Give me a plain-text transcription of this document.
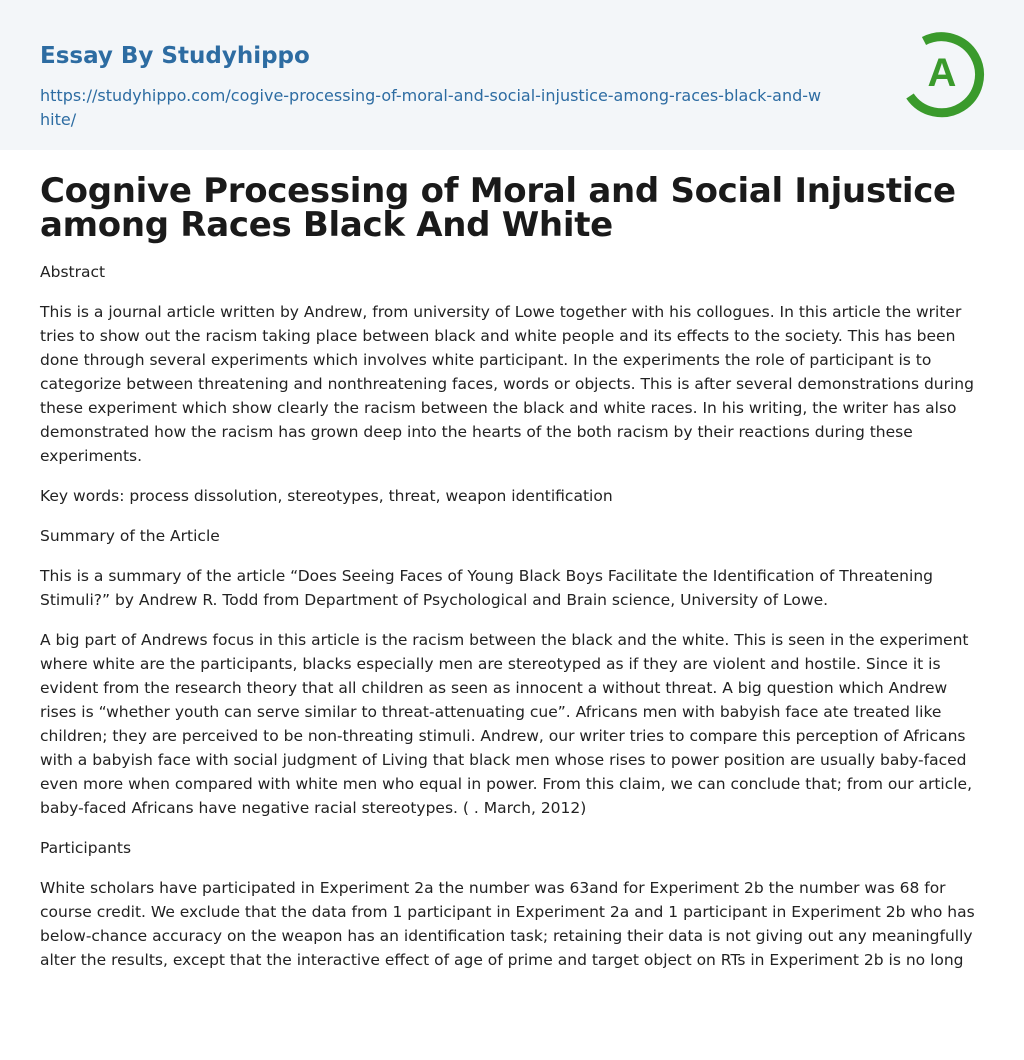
Essay By Studyhippo
https://studyhippo.com/cogive-processing-of-moral-and-social-injustice-among-races-black-and-white/
A
Cognive Processing of Moral and Social Injustice among Races Black And White
Abstract

This is a journal article written by Andrew, from university of Lowe together with his collogues. In this article the writer tries to show out the racism taking place between black and white people and its effects to the society. This has been done through several experiments which involves white participant. In the experiments the role of participant is to categorize between threatening and nonthreatening faces, words or objects. This is after several demonstrations during these experiment which show clearly the racism between the black and white races. In his writing, the writer has also demonstrated how the racism has grown deep into the hearts of the both racism by their reactions during these experiments.

Key words: process dissolution, stereotypes, threat, weapon identification

Summary of the Article

This is a summary of the article “Does Seeing Faces of Young Black Boys Facilitate the Identification of Threatening Stimuli?” by Andrew R. Todd from Department of Psychological and Brain science, University of Lowe.

A big part of Andrews focus in this article is the racism between the black and the white. This is seen in the experiment where white are the participants, blacks especially men are stereotyped as if they are violent and hostile. Since it is evident from the research theory that all children as seen as innocent a without threat. A big question which Andrew rises is “whether youth can serve similar to threat-attenuating cue”. Africans men with babyish face ate treated like children; they are perceived to be non-threating stimuli. Andrew, our writer tries to compare this perception of Africans with a babyish face with social judgment of Living that black men whose rises to power position are usually baby-faced even more when compared with white men who equal in power. From this claim, we can conclude that; from our article, baby-faced Africans have negative racial stereotypes. ( . March, 2012)

Participants

White scholars have participated in Experiment 2a the number was 63and for Experiment 2b the number was 68 for course credit. We exclude that the data from 1 participant in Experiment 2a and 1 participant in Experiment 2b who has below-chance accuracy on the weapon has an identification task; retaining their data is not giving out any meaningfully alter the results, except that the interactive effect of age of prime and target object on RTs in Experiment 2b is no long
